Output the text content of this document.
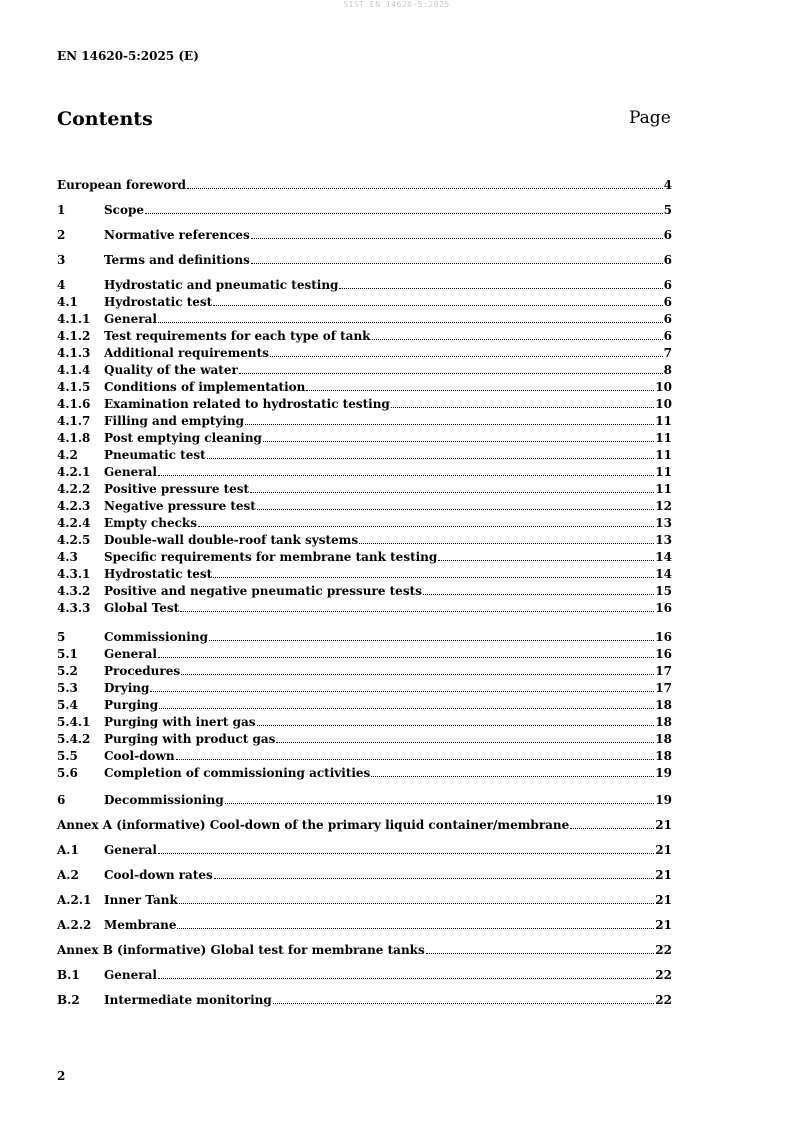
SIST EN 14620-5:2025
EN 14620-5:2025 (E)
Contents	Page
European foreword	4
1	Scope	5
2	Normative references	6
3	Terms and definitions	6
4	Hydrostatic and pneumatic testing	6
4.1	Hydrostatic test	6
4.1.1	General	6
4.1.2	Test requirements for each type of tank	6
4.1.3	Additional requirements	7
4.1.4	Quality of the water	8
4.1.5	Conditions of implementation	10
4.1.6	Examination related to hydrostatic testing	10
4.1.7	Filling and emptying	11
4.1.8	Post emptying cleaning	11
4.2	Pneumatic test	11
4.2.1	General	11
4.2.2	Positive pressure test	11
4.2.3	Negative pressure test	12
4.2.4	Empty checks	13
4.2.5	Double-wall double-roof tank systems	13
4.3	Specific requirements for membrane tank testing	14
4.3.1	Hydrostatic test	14
4.3.2	Positive and negative pneumatic pressure tests	15
4.3.3	Global Test	16
5	Commissioning	16
5.1	General	16
5.2	Procedures	17
5.3	Drying	17
5.4	Purging	18
5.4.1	Purging with inert gas	18
5.4.2	Purging with product gas	18
5.5	Cool-down	18
5.6	Completion of commissioning activities	19
6	Decommissioning	19
Annex A (informative) Cool-down of the primary liquid container/membrane	21
A.1	General	21
A.2	Cool-down rates	21
A.2.1	Inner Tank	21
A.2.2	Membrane	21
Annex B (informative) Global test for membrane tanks	22
B.1	General	22
B.2	Intermediate monitoring	22
2
